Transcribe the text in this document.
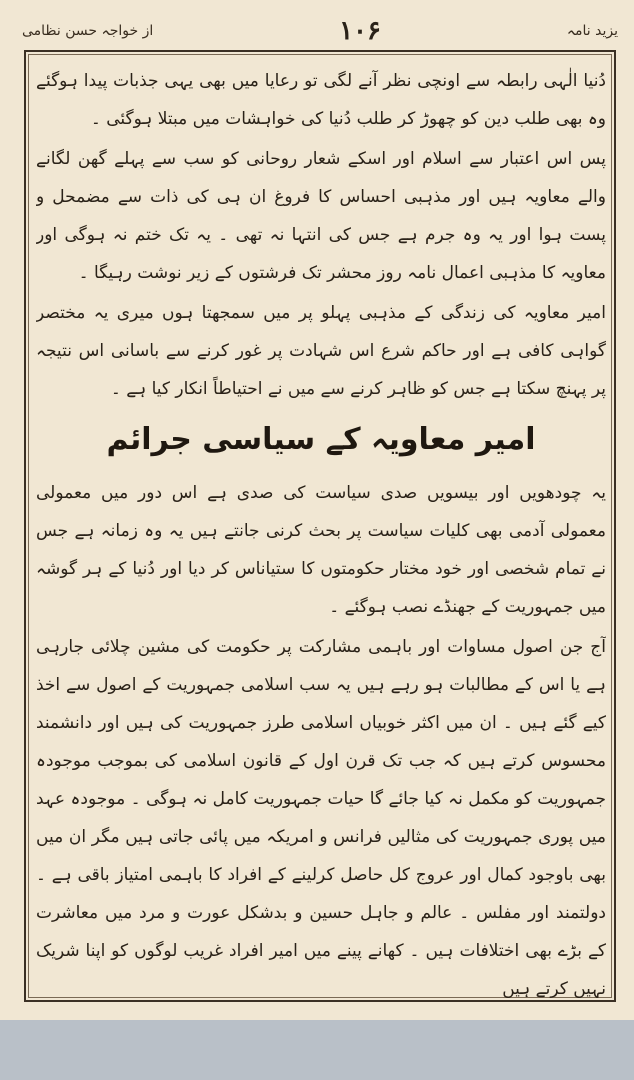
یزید نامہ
۱۰۶
از خواجہ حسن نظامی

دُنیا الٰہی رابطہ سے اونچی نظر آنے لگی تو رعایا میں بھی یہی جذبات پیدا ہوگئے وہ بھی طلب دین کو چھوڑ کر طلب دُنیا کی خواہشات میں مبتلا ہوگئی ۔

پس اس اعتبار سے اسلام اور اسکے شعار روحانی کو سب سے پہلے گھن لگانے والے معاویہ ہیں اور مذہبی احساس کا فروغ ان ہی کی ذات سے مضمحل و پست ہوا اور یہ وہ جرم ہے جس کی انتہا نہ تھی ۔ یہ تک ختم نہ ہوگی اور معاویہ کا مذہبی اعمال نامہ روز محشر تک فرشتوں کے زیر نوشت رہیگا ۔

امیر معاویہ کی زندگی کے مذہبی پہلو پر میں سمجھتا ہوں میری یہ مختصر گواہی کافی ہے اور حاکم شرع اس شہادت پر غور کرنے سے باسانی اس نتیجہ پر پہنچ سکتا ہے جس کو ظاہر کرنے سے میں نے احتیاطاً انکار کیا ہے ۔

امیر معاویہ کے سیاسی جرائم

یہ چودھویں اور بیسویں صدی سیاست کی صدی ہے اس دور میں معمولی معمولی آدمی بھی کلیات سیاست پر بحث کرنی جانتے ہیں یہ وہ زمانہ ہے جس نے تمام شخصی اور خود مختار حکومتوں کا ستیاناس کر دیا اور دُنیا کے ہر گوشہ میں جمہوریت کے جھنڈے نصب ہوگئے ۔

آج جن اصول مساوات اور باہمی مشارکت پر حکومت کی مشین چلائی جارہی ہے یا اس کے مطالبات ہو رہے ہیں یہ سب اسلامی جمہوریت کے اصول سے اخذ کیے گئے ہیں ۔ ان میں اکثر خوبیاں اسلامی طرز جمہوریت کی ہیں اور دانشمند محسوس کرتے ہیں کہ جب تک قرن اول کے قانون اسلامی کی بموجب موجودہ جمہوریت کو مکمل نہ کیا جائے گا حیات جمہوریت کامل نہ ہوگی ۔ موجودہ عہد میں پوری جمہوریت کی مثالیں فرانس و امریکہ میں پائی جاتی ہیں مگر ان میں بھی باوجود کمال اور عروج کل حاصل کرلینے کے افراد کا باہمی امتیاز باقی ہے ۔ دولتمند اور مفلس ۔ عالم و جاہل حسین و بدشکل عورت و مرد میں معاشرت کے بڑے بھی اختلافات ہیں ۔ کھانے پینے میں امیر افراد غریب لوگوں کو اپنا شریک نہیں کرتے ہیں
